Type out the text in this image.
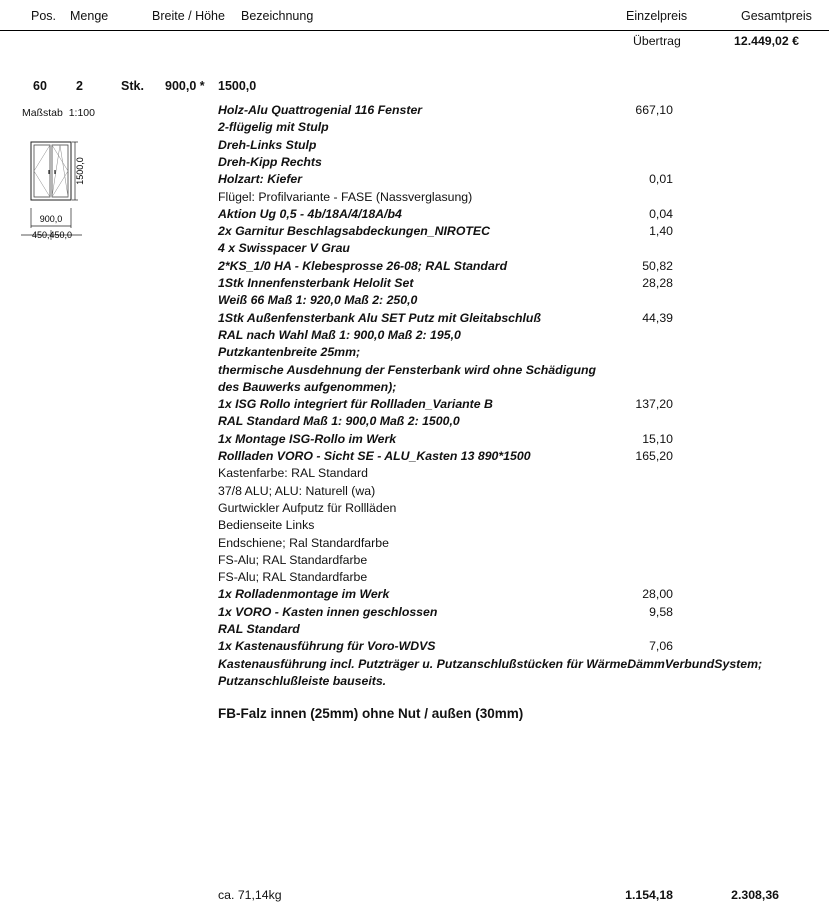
Pos. Menge	Breite / Höhe Bezeichnung	Einzelpreis	Gesamtpreis
Übertrag	12.449,02 €
60 2	Stk. 900,0 * 1500,0
Maßstab 1:100
1500,0
900,0
450,450,0
Holz-Alu Quattrogenial 116 Fenster	667,10
2-flügelig mit Stulp
Dreh-Links Stulp
Dreh-Kipp Rechts
Holzart: Kiefer	0,01
Flügel: Profilvariante - FASE (Nassverglasung)
Aktion Ug 0,5 - 4b/18A/4/18A/b4	0,04
2x Garnitur Beschlagsabdeckungen_NIROTEC	1,40
4 x Swisspacer V Grau
2*KS_1/0 HA - Klebesprosse 26-08; RAL Standard	50,82
1Stk Innenfensterbank Helolit Set	28,28
Weiß 66 Maß 1: 920,0 Maß 2: 250,0
1Stk Außenfensterbank Alu SET Putz mit Gleitabschluß	44,39
RAL nach Wahl Maß 1: 900,0 Maß 2: 195,0
Putzkantenbreite 25mm;
thermische Ausdehnung der Fensterbank wird ohne Schädigung
des Bauwerks aufgenommen);
1x ISG Rollo integriert für Rollladen_Variante B	137,20
RAL Standard Maß 1: 900,0 Maß 2: 1500,0
1x Montage ISG-Rollo im Werk	15,10
Rollladen VORO - Sicht SE - ALU_Kasten 13 890*1500	165,20
Kastenfarbe: RAL Standard
37/8 ALU; ALU: Naturell (wa)
Gurtwickler Aufputz für Rollläden
Bedienseite Links
Endschiene; Ral Standardfarbe
FS-Alu; RAL Standardfarbe
FS-Alu; RAL Standardfarbe
1x Rolladenmontage im Werk	28,00
1x VORO - Kasten innen geschlossen	9,58
RAL Standard
1x Kastenausführung für Voro-WDVS	7,06
Kastenausführung incl. Putzträger u. Putzanschlußstücken für WärmeDämmVerbundSystem;
Putzanschlußleiste bauseits.
FB-Falz innen (25mm) ohne Nut / außen (30mm)
ca. 71,14kg	1.154,18	2.308,36
